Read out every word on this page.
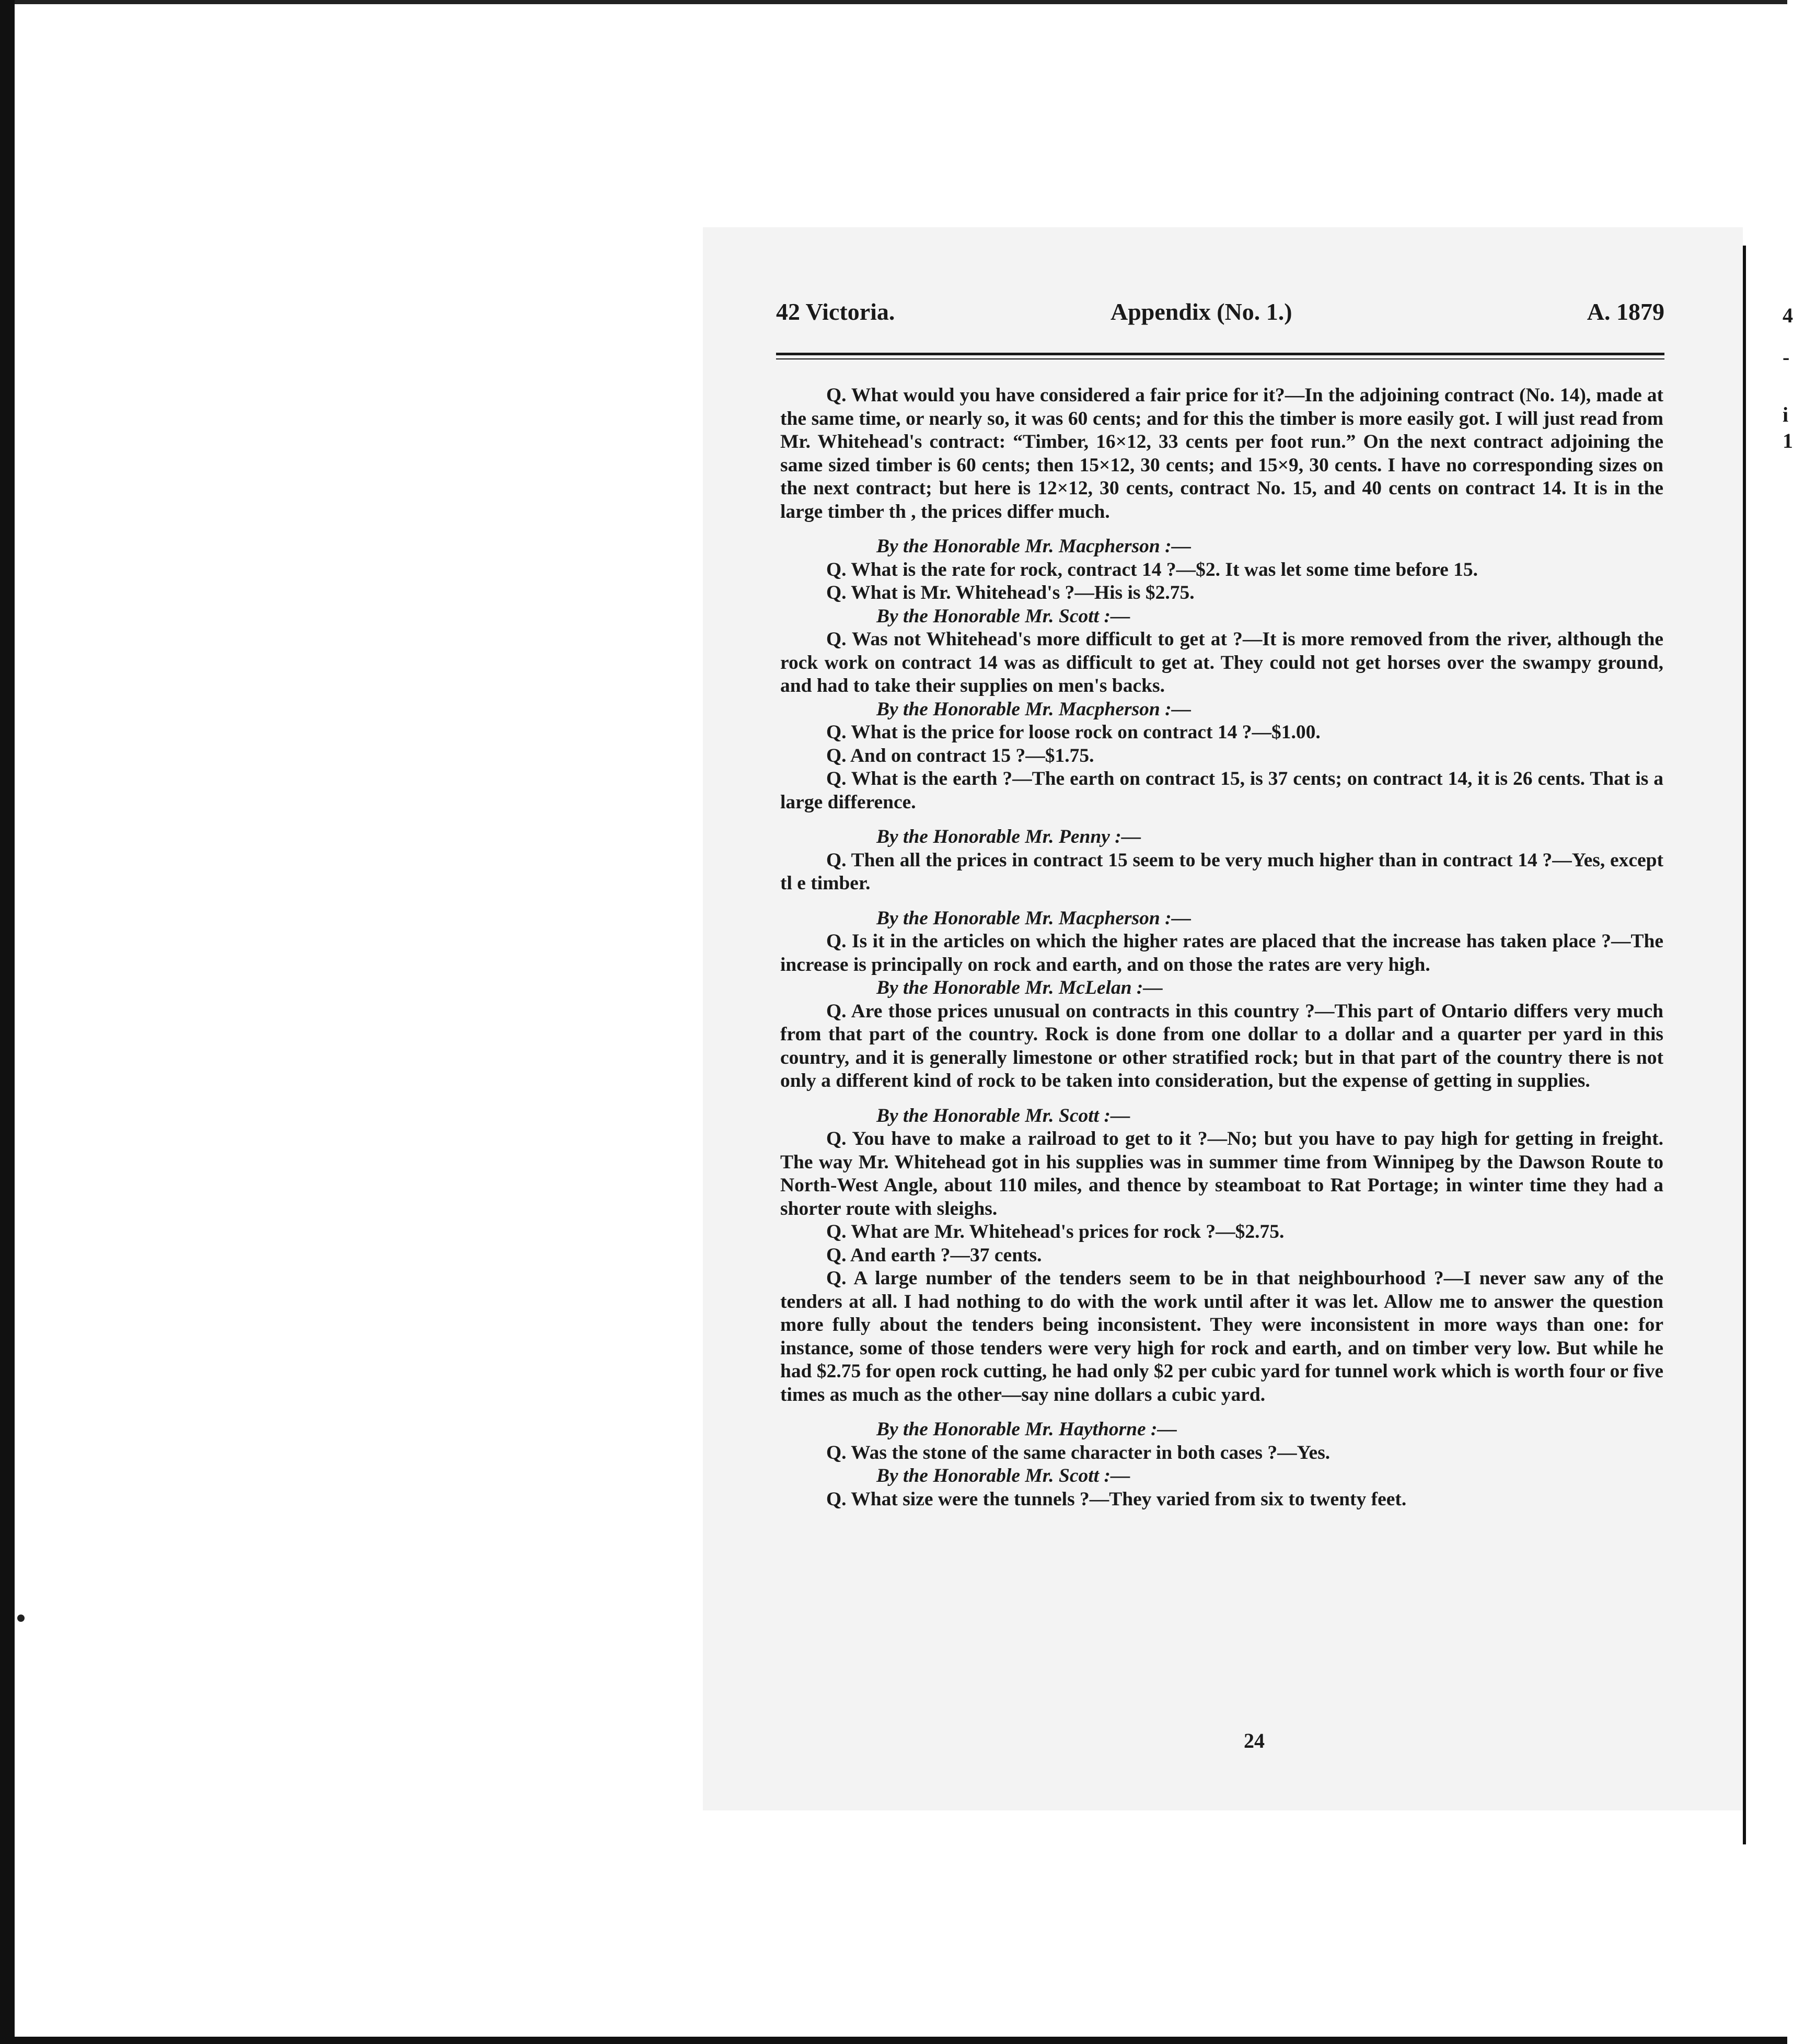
4
-
i
1
42 Victoria.	Appendix (No. 1.)	A. 1879

Q. What would you have considered a fair price for it?—In the adjoining contract (No. 14), made at the same time, or nearly so, it was 60 cents; and for this the timber is more easily got. I will just read from Mr. Whitehead's contract: “Timber, 16×12, 33 cents per foot run.” On the next contract adjoining the same sized timber is 60 cents; then 15×12, 30 cents; and 15×9, 30 cents. I have no corresponding sizes on the next contract; but here is 12×12, 30 cents, contract No. 15, and 40 cents on contract 14. It is in the large timber th , the prices differ much.

By the Honorable Mr. Macpherson :—

Q. What is the rate for rock, contract 14 ?—$2. It was let some time before 15.

Q. What is Mr. Whitehead's ?—His is $2.75.

By the Honorable Mr. Scott :—

Q. Was not Whitehead's more difficult to get at ?—It is more removed from the river, although the rock work on contract 14 was as difficult to get at. They could not get horses over the swampy ground, and had to take their supplies on men's backs.

By the Honorable Mr. Macpherson :—

Q. What is the price for loose rock on contract 14 ?—$1.00.

Q. And on contract 15 ?—$1.75.

Q. What is the earth ?—The earth on contract 15, is 37 cents; on contract 14, it is 26 cents. That is a large difference.

By the Honorable Mr. Penny :—

Q. Then all the prices in contract 15 seem to be very much higher than in contract 14 ?—Yes, except tl e timber.

By the Honorable Mr. Macpherson :—

Q. Is it in the articles on which the higher rates are placed that the increase has taken place ?—The increase is principally on rock and earth, and on those the rates are very high.

By the Honorable Mr. McLelan :—

Q. Are those prices unusual on contracts in this country ?—This part of Ontario differs very much from that part of the country. Rock is done from one dollar to a dollar and a quarter per yard in this country, and it is generally limestone or other stratified rock; but in that part of the country there is not only a different kind of rock to be taken into consideration, but the expense of getting in supplies.

By the Honorable Mr. Scott :—

Q. You have to make a railroad to get to it ?—No; but you have to pay high for getting in freight. The way Mr. Whitehead got in his supplies was in summer time from Winnipeg by the Dawson Route to North-West Angle, about 110 miles, and thence by steamboat to Rat Portage; in winter time they had a shorter route with sleighs.

Q. What are Mr. Whitehead's prices for rock ?—$2.75.

Q. And earth ?—37 cents.

Q. A large number of the tenders seem to be in that neighbourhood ?—I never saw any of the tenders at all. I had nothing to do with the work until after it was let. Allow me to answer the question more fully about the tenders being inconsistent. They were inconsistent in more ways than one: for instance, some of those tenders were very high for rock and earth, and on timber very low. But while he had $2.75 for open rock cutting, he had only $2 per cubic yard for tunnel work which is worth four or five times as much as the other—say nine dollars a cubic yard.

By the Honorable Mr. Haythorne :—

Q. Was the stone of the same character in both cases ?—Yes.

By the Honorable Mr. Scott :—

Q. What size were the tunnels ?—They varied from six to twenty feet.

24
